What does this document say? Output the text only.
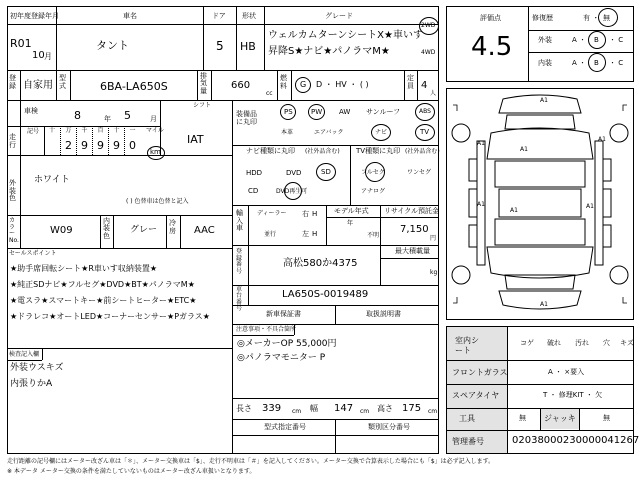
初年度登録年月
R01
10 月
車名
タント
ドア
5
形状
HB
グレード
ウェルカムターンシートX★車いす
昇降S★ナビ★パノラマM★
2WD
4WD
登録 自家用
型式	6BA-LA650S
排気量 660
cc
燃料 G D ・ HV ・ ( )
定員 4
人
車検	8	年 5	月
シフト
IAT
走行
記号	十	万
2
千
9
百
9
十
9
一
0
マイル
km
外装色
ホワイト
( ) 色替車は色替と記入
カラーNo.
W09
内装色
グレー
冷房 AAC
セールスポイント
★助手席回転シート★R車いす収納装置★
★純正SDナビ★フルセグ★DVD★BT★パノラマM★
★電スラ★スマートキー★前シートヒーター★ETC★
★ドラレコ★オートLED★コーナーセンサー★Pガラス★
検査記入欄
外装ウスキズ
内張りかA
装備品に丸印
PS	PW AW サンルーフ	ABS
本革	エアバック	ナビ	TV
ナビ種類に丸印 (社外品含む)
HDD	DVD	SD
CD	DVD再生可
TV種類に丸印 (社外品含む)
フルセグ	ワンセグ
アナログ
輸入車
ディーラー
並行
右 H
左 H
モデル年式
年
不明
リサイクル預託金
7,150
円
最大積載量
kg
登録番号
高松580か4375
車台番号
LA650S-0019489
新車保証書	取扱説明書
注意事項・不具合箇所
◎メーカーOP 55,000円
◎パノラマモニター P
長さ 339 cm 幅 147 cm 高さ 175 cm
型式指定番号	類別区分番号
評価点
4.5
修復歴	有 ・ 無
外装	A ・ B ・ C
内装	A ・ B ・ C
A1
A1
A1
A1
A1
A1
A1
A1
室内シート
コゲ 破れ 汚れ 穴 キズ
フロントガラス	A ・ ×要入
スペアタイヤ	T ・ 修理KIT ・ 欠
工具	無 ジャッキ	無
管理番号	02038000230000041267
走行距離の記号欄にはメーター改ざん車は「＊」、メーター交換車は「$」、走行不明車は「＃」を記入してください。メーター交換で合算表示した場合にも「$」は必ず記入します。
※ 本データ メーター交換の条件を満たしていないものはメーター改ざん車扱いとなります。
